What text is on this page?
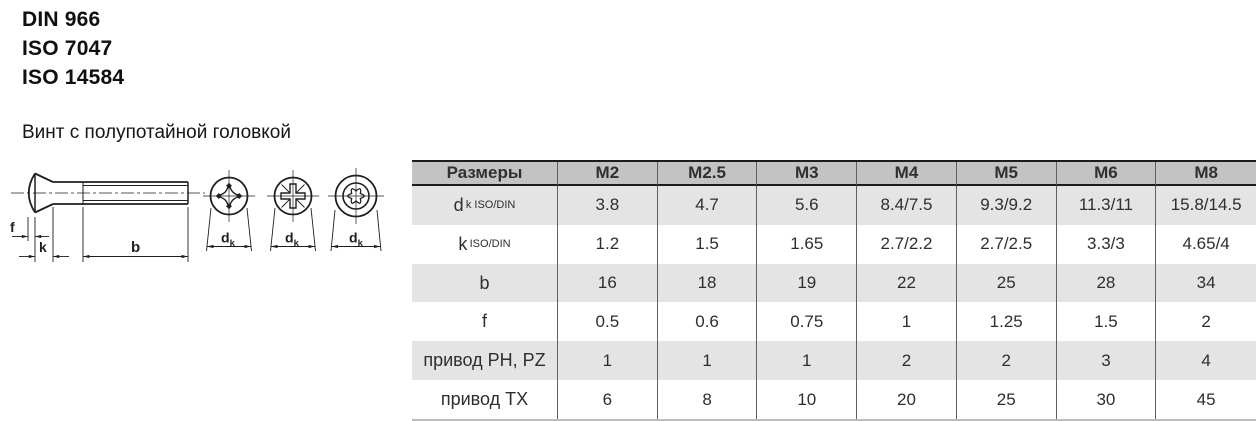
DIN 966
ISO 7047
ISO 14584
Винт с полупотайной головкой
f
k	b
$d_k$	$d_k$	$d_k$
Размеры	M2	M2.5	M3	M4	M5	M6	M8
d  k ISO/DIN	3.8	4.7	5.6	8.4/7.5	9.3/9.2	11.3/11	15.8/14.5
k  ISO/DIN	1.2	1.5	1.65	2.7/2.2	2.7/2.5	3.3/3	4.65/4
b	16	18	19	22	25	28	34
f	0.5	0.6	0.75	1	1.25	1.5	2
привод PH, PZ	1	1	1	2	2	3	4
привод TX	6	8	10	20	25	30	45
